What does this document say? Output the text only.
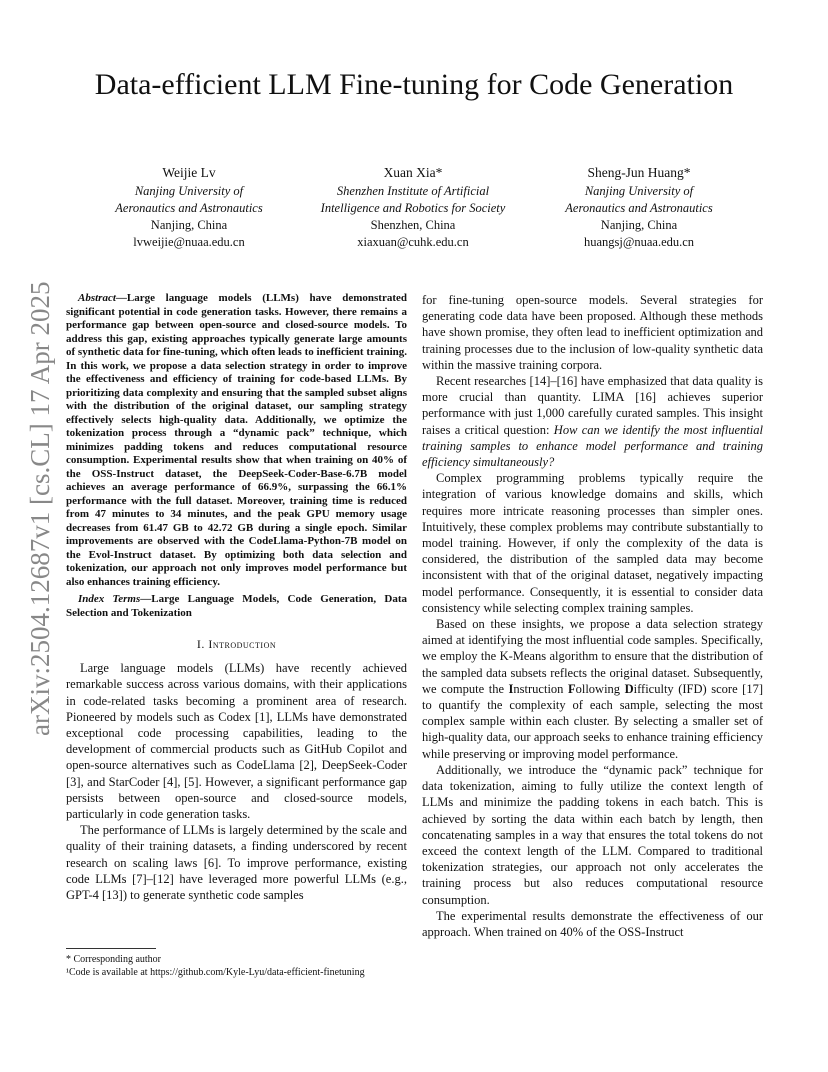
Data-efficient LLM Fine-tuning for Code Generation
Weijie Lv
Nanjing University of
Aeronautics and Astronautics
Nanjing, China
lvweijie@nuaa.edu.cn
Xuan Xia*
Shenzhen Institute of Artificial
Intelligence and Robotics for Society
Shenzhen, China
xiaxuan@cuhk.edu.cn
Sheng-Jun Huang*
Nanjing University of
Aeronautics and Astronautics
Nanjing, China
huangsj@nuaa.edu.cn
arXiv:2504.12687v1 [cs.CL] 17 Apr 2025	Abstract—Large language models (LLMs) have demonstrated significant potential in code generation tasks. However, there remains a performance gap between open-source and closed-source models. To address this gap, existing approaches typically generate large amounts of synthetic data for fine-tuning, which often leads to inefficient training. In this work, we propose a data selection strategy in order to improve the effectiveness and efficiency of training for code-based LLMs. By prioritizing data complexity and ensuring that the sampled subset aligns with the distribution of the original dataset, our sampling strategy effectively selects high-quality data. Additionally, we optimize the tokenization process through a “dynamic pack” technique, which minimizes padding tokens and reduces computational resource consumption. Experimental results show that when training on 40% of the OSS-Instruct dataset, the DeepSeek-Coder-Base-6.7B model achieves an average performance of 66.9%, surpassing the 66.1% performance with the full dataset. Moreover, training time is reduced from 47 minutes to 34 minutes, and the peak GPU memory usage decreases from 61.47 GB to 42.72 GB during a single epoch. Similar improvements are observed with the CodeLlama-Python-7B model on the Evol-Instruct dataset. By optimizing both data selection and tokenization, our approach not only improves model performance but also enhances training efficiency.

Index Terms—Large Language Models, Code Generation, Data Selection and Tokenization

I. Introduction

Large language models (LLMs) have recently achieved remarkable success across various domains, with their applications in code-related tasks becoming a prominent area of research. Pioneered by models such as Codex [1], LLMs have demonstrated exceptional code processing capabilities, leading to the development of commercial products such as GitHub Copilot and open-source alternatives such as CodeLlama [2], DeepSeek-Coder [3], and StarCoder [4], [5]. However, a significant performance gap persists between open-source and closed-source models, particularly in code generation tasks.

The performance of LLMs is largely determined by the scale and quality of their training datasets, a finding underscored by recent research on scaling laws [6]. To improve performance, existing code LLMs [7]–[12] have leveraged more powerful LLMs (e.g., GPT-4 [13]) to generate synthetic code samples

* Corresponding author
¹Code is available at https://github.com/Kyle-Lyu/data-efficient-finetuning

for fine-tuning open-source models. Several strategies for generating code data have been proposed. Although these methods have shown promise, they often lead to inefficient optimization and training processes due to the inclusion of low-quality synthetic data within the massive training corpora.

Recent researches [14]–[16] have emphasized that data quality is more crucial than quantity. LIMA [16] achieves superior performance with just 1,000 carefully curated samples. This insight raises a critical question: How can we identify the most influential training samples to enhance model performance and training efficiency simultaneously?

Complex programming problems typically require the integration of various knowledge domains and skills, which requires more intricate reasoning processes than simpler ones. Intuitively, these complex problems may contribute substantially to model training. However, if only the complexity of the data is considered, the distribution of the sampled data may become inconsistent with that of the original dataset, negatively impacting model performance. Consequently, it is essential to consider data consistency while selecting complex training samples.

Based on these insights, we propose a data selection strategy aimed at identifying the most influential code samples. Specifically, we employ the K-Means algorithm to ensure that the distribution of the sampled data subsets reflects the original dataset. Subsequently, we compute the Instruction Following Difficulty (IFD) score [17] to quantify the complexity of each sample, selecting the most complex sample within each cluster. By selecting a smaller set of high-quality data, our approach seeks to enhance training efficiency while preserving or improving model performance.

Additionally, we introduce the “dynamic pack” technique for data tokenization, aiming to fully utilize the context length of LLMs and minimize the padding tokens in each batch. This is achieved by sorting the data within each batch by length, then concatenating samples in a way that ensures the total tokens do not exceed the context length of the LLM. Compared to traditional tokenization strategies, our approach not only accelerates the training process but also reduces computational resource consumption.

The experimental results demonstrate the effectiveness of our approach. When trained on 40% of the OSS-Instruct
